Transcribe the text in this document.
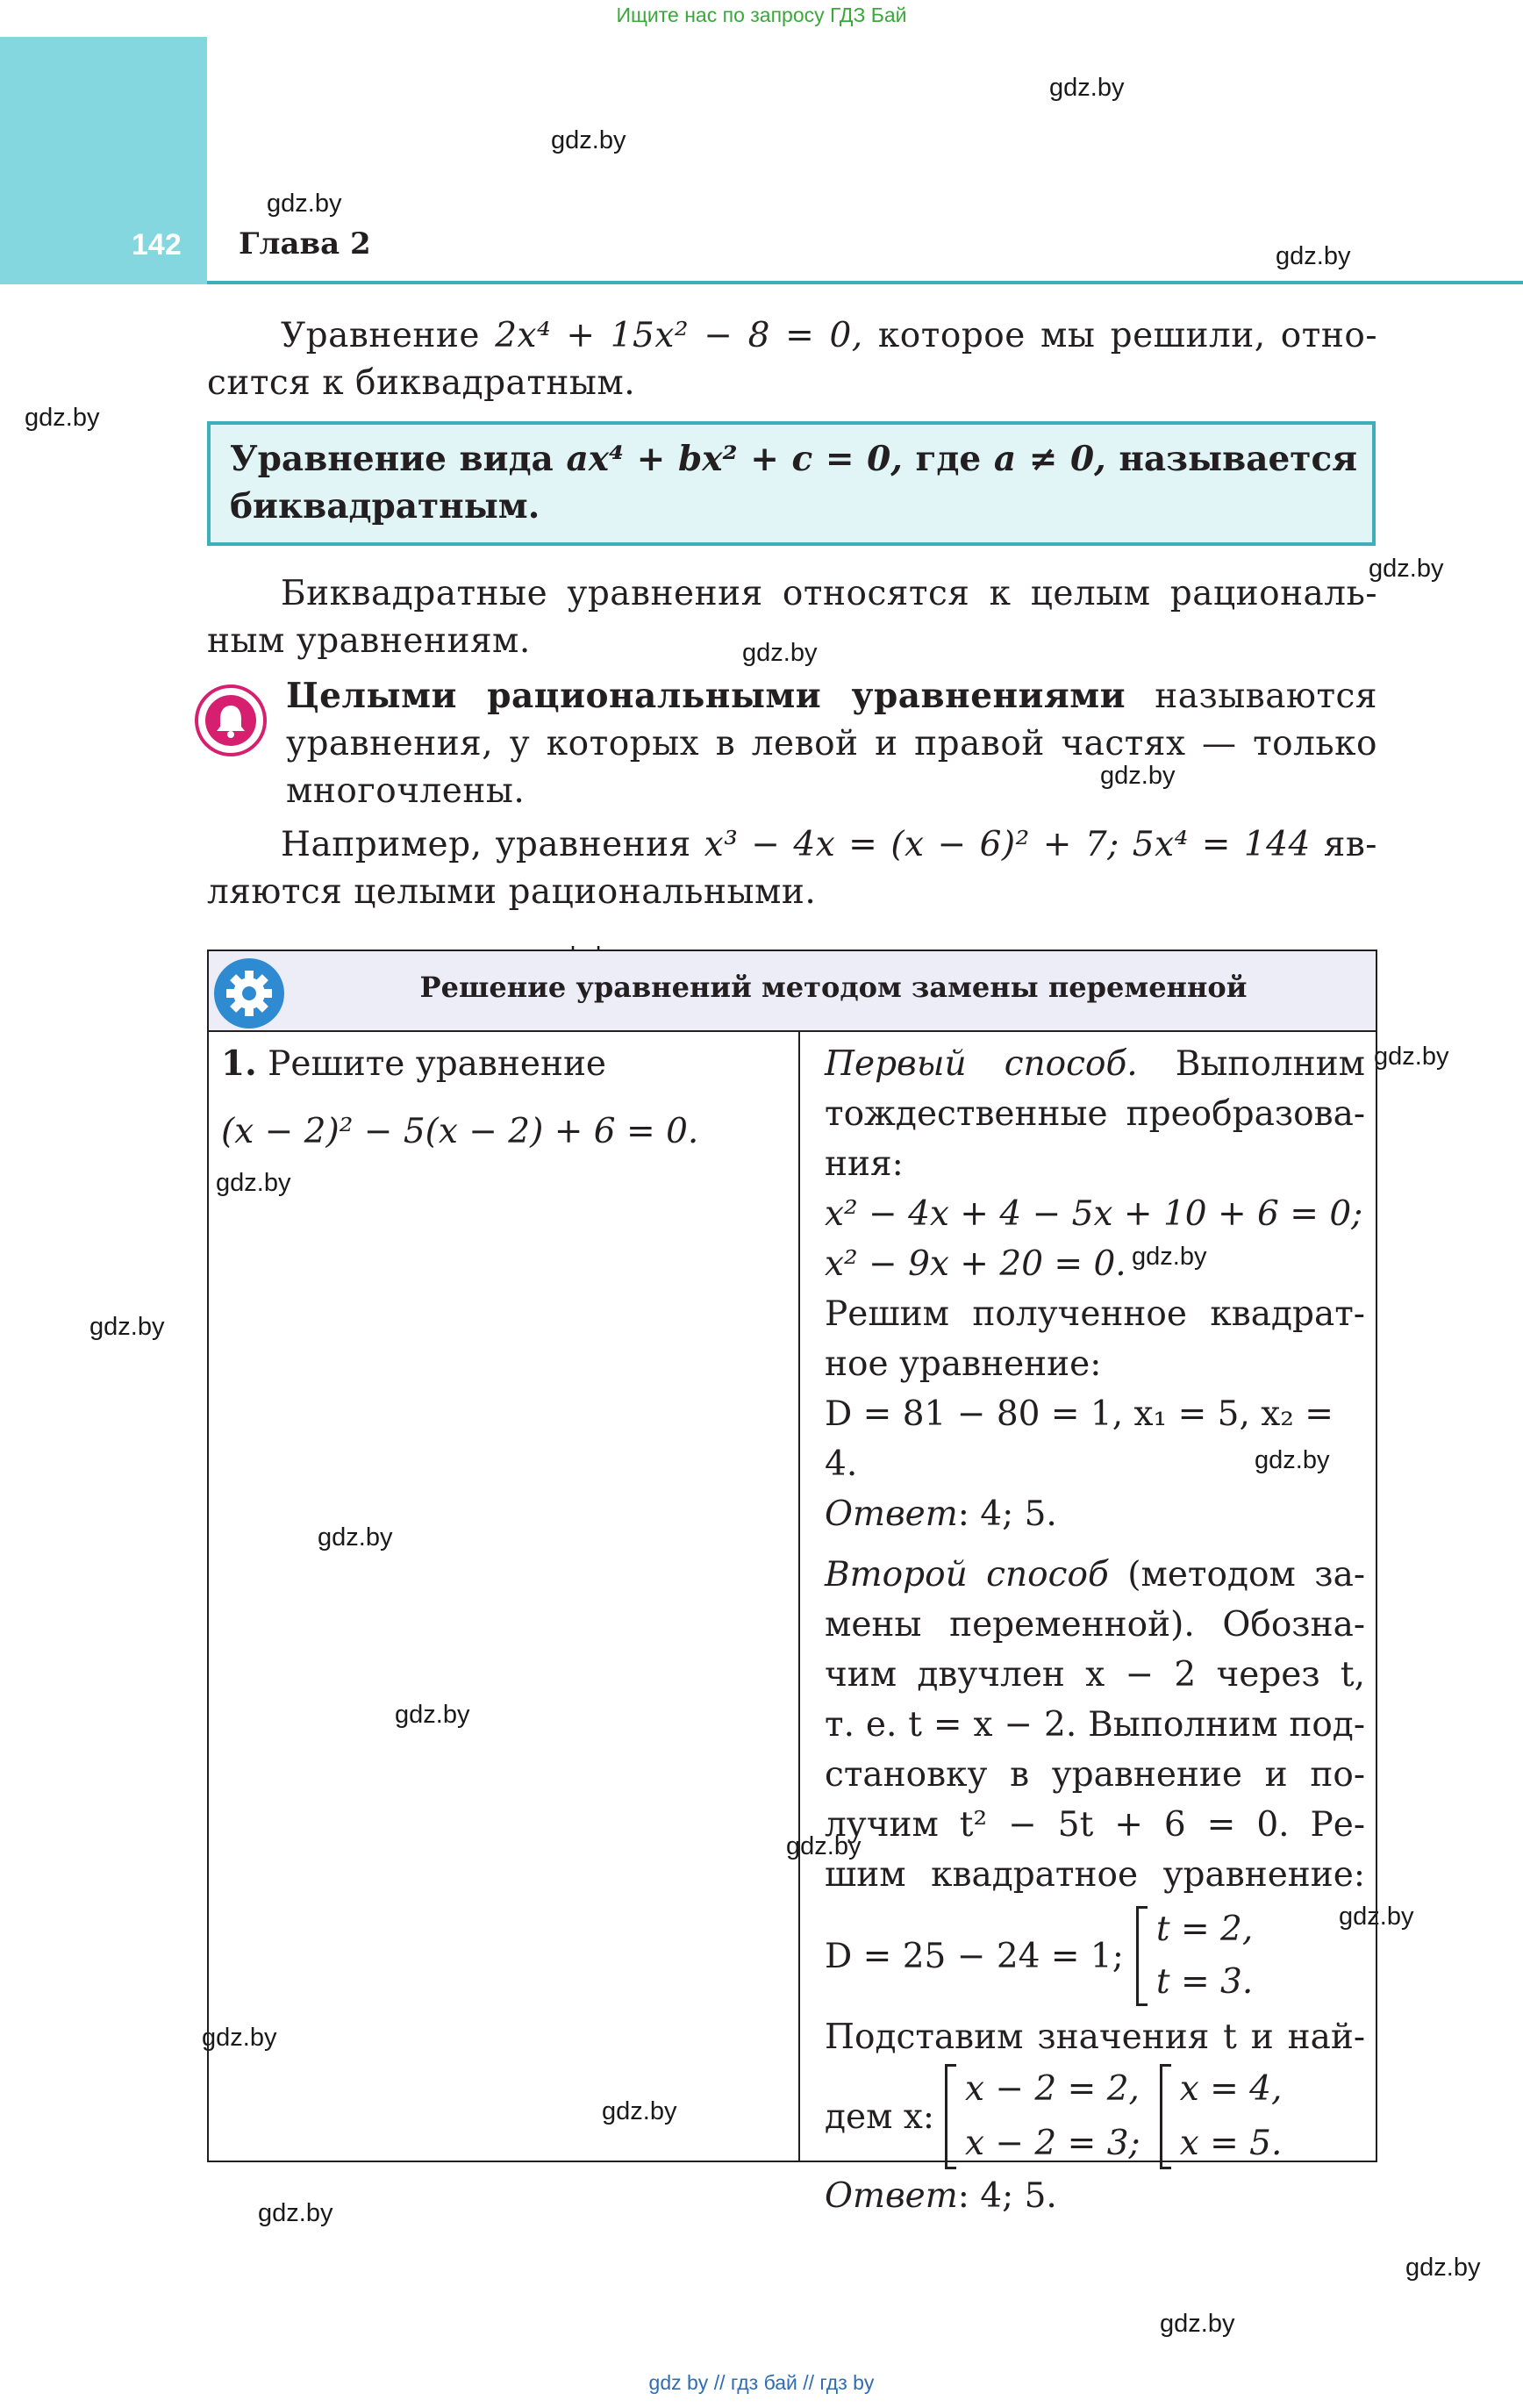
Ищите нас по запросу ГДЗ Бай
142 Глава 2
gdz.by
gdz.by
gdz.by
gdz.by
gdz.by
gdz.by
gdz.by
gdz.by
gdz.by
gdz.by
gdz.by
gdz.by
gdz.by
gdz.by
gdz.by
gdz.by
gdz.by
gdz.by
gdz.by
gdz.by
gdz.by
gdz.by
Уравнение 2x⁴ + 15x² − 8 = 0, которое мы решили, отно-
сится к биквадратным.
Уравнение вида ax⁴ + bx² + c = 0, где a ≠ 0, называется
биквадратным.
Биквадратные уравнения относятся к целым рациональ-
ным уравнениям.
Целыми рациональными уравнениями называются
уравнения, у которых в левой и правой частях — только
многочлены.
Например, уравнения x³ − 4x = (x − 6)² + 7; 5x⁴ = 144 яв-
ляются целыми рациональными.

Решение уравнений методом замены переменной
1. Решите уравнение
(x − 2)² − 5(x − 2) + 6 = 0.
Первый способ. Выполним
тождественные преобразова-
ния:
x² − 4x + 4 − 5x + 10 + 6 = 0;
x² − 9x + 20 = 0.
Решим полученное квадрат-
ное уравнение:
D = 81 − 80 = 1, x₁ = 5, x₂ = 4.
Ответ: 4; 5.
Второй способ (методом за-
мены переменной). Обозна-
чим двучлен x − 2 через t,
т. е. t = x − 2. Выполним под-
становку в уравнение и по-
лучим t² − 5t + 6 = 0. Ре-
шим квадратное уравнение:
D = 25 − 24 = 1;
t = 2,
t = 3.
Подставим значения t и най-
дем x:
x − 2 = 2,
x − 2 = 3;
x = 4,
x = 5.
Ответ: 4; 5.
gdz by // гдз бай // гдз by
